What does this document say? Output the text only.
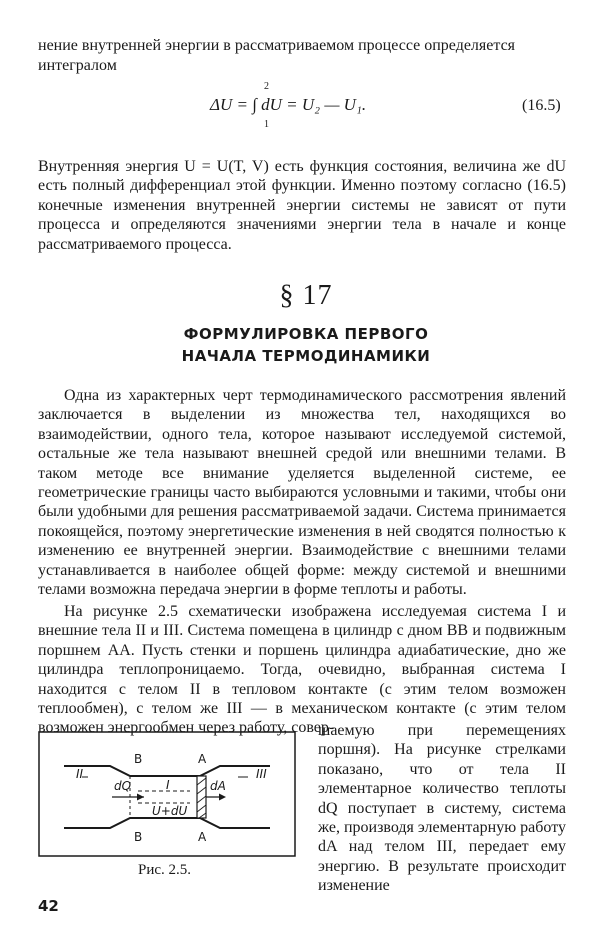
нение внутренней энергии в рассматриваемом процессе определяется

интегралом

ΔU = ∫ dU = U₂ — U₁.
2
1
(16.5)

Внутренняя энергия U = U(T, V) есть функция состояния, величина же dU есть полный дифференциал этой функции. Именно поэтому согласно (16.5) конечные изменения внутренней энергии системы не зависят от пути процесса и определяются значениями энергии тела в начале и конце рассматриваемого процесса.

§ 17
ФОРМУЛИРОВКА ПЕРВОГО
НАЧАЛА ТЕРМОДИНАМИКИ

Одна из характерных черт термодинамического рассмотрения явлений заключается в выделении из множества тел, находящихся во взаимодействии, одного тела, которое называют исследуемой системой, остальные же тела называют внешней средой или внешними телами. В таком методе все внимание уделяется выделенной системе, ее геометрические границы часто выбираются условными и такими, чтобы они были удобными для решения рассматриваемой задачи. Система принимается покоящейся, поэтому энергетические изменения в ней сводятся полностью к изменению ее внутренней энергии. Взаимодействие с внешними телами устанавливается в наиболее общей форме: между системой и внешними телами возможна передача энергии в форме теплоты и работы.

На рисунке 2.5 схематически изображена исследуемая система I и внешние тела II и III. Система помещена в цилиндр с дном BB и подвижным поршнем AA. Пусть стенки и поршень цилиндра адиабатические, дно же цилиндра теплопроницаемо. Тогда, очевидно, выбранная система I находится с телом II в тепловом контакте (с этим телом возможен теплообмен), с телом же III — в механическом контакте (с этим телом возможен энергообмен через работу, совер-

шаемую при перемещениях поршня). На рисунке стрелками показано, что от тела II элементарное количество теплоты dQ поступает в систему, система же, производя элементарную работу dA над телом III, передает ему энергию. В результате происходит изменение

II	III
I
B
B
A
A
dQ	dA
U+dU
Рис. 2.5.
42
